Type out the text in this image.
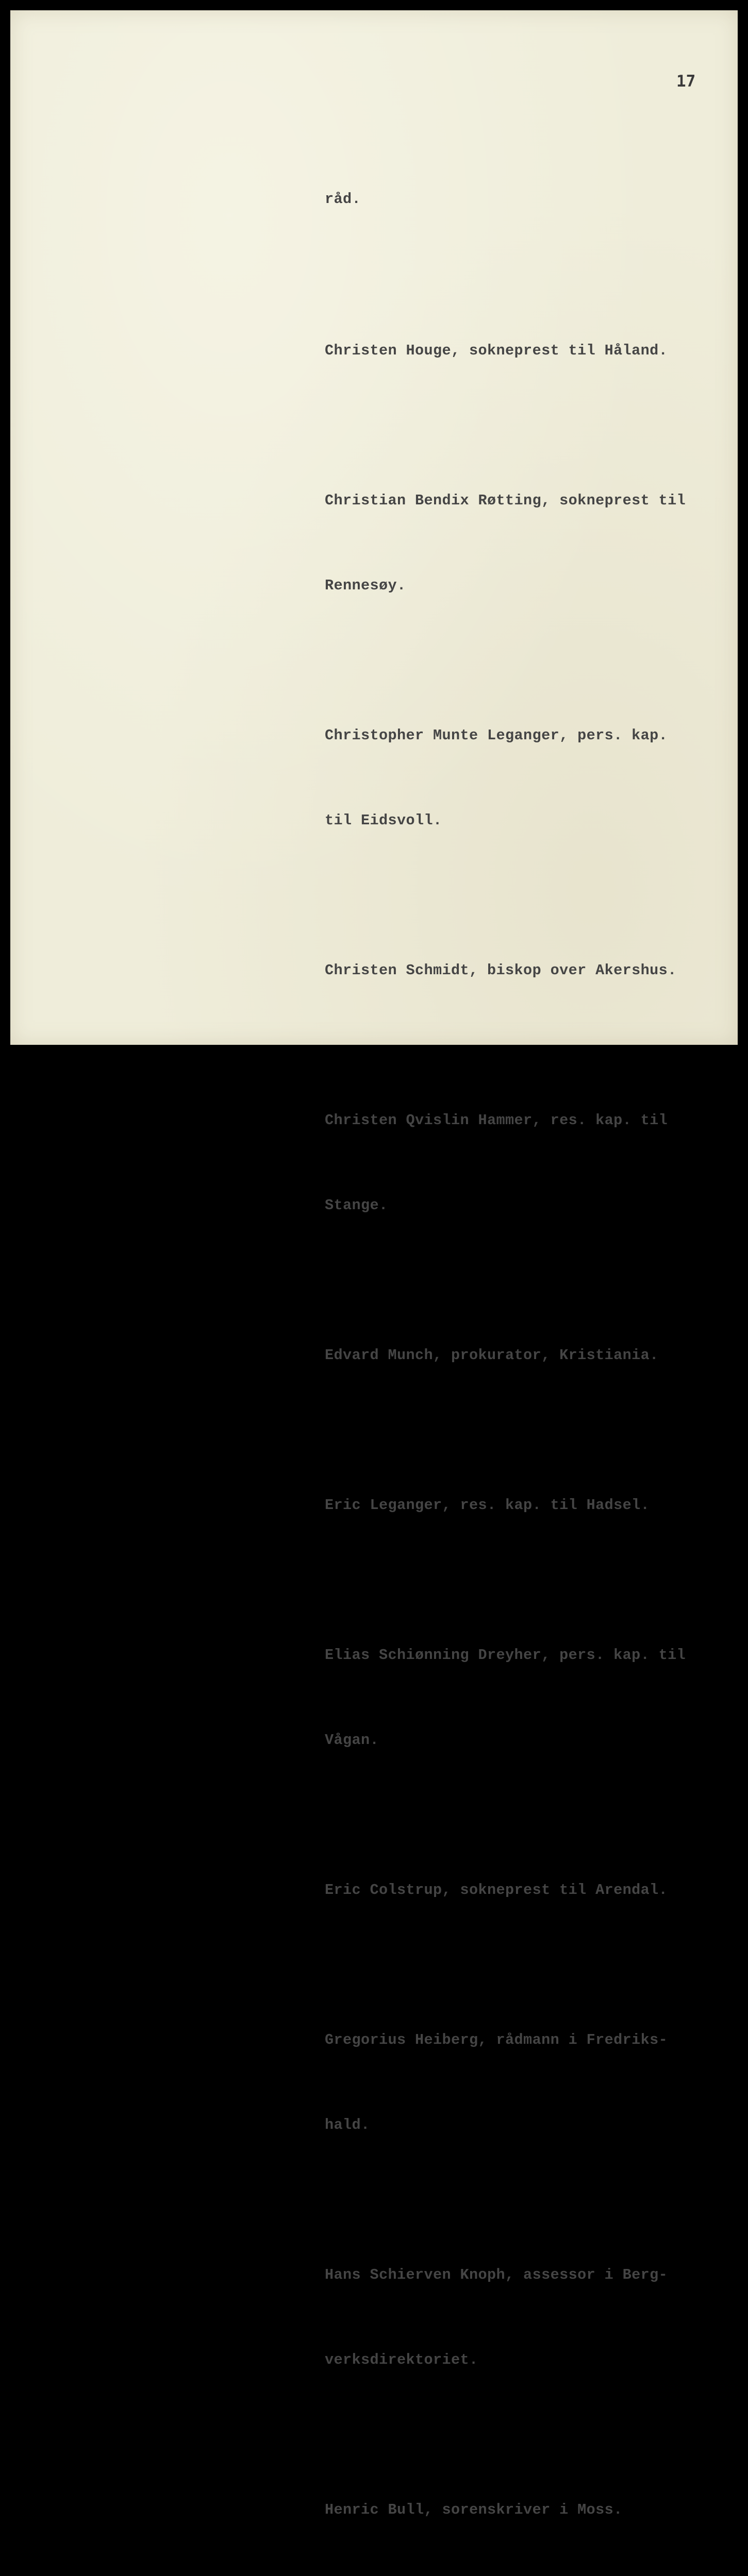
17

råd.

Christen Houge, sokneprest til Håland.

Christian Bendix Røtting, sokneprest til

Rennesøy.

Christopher Munte Leganger, pers. kap.

til Eidsvoll.

Christen Schmidt, biskop over Akershus.

Christen Qvislin Hammer, res. kap. til

Stange.

Edvard Munch, prokurator, Kristiania.

Eric Leganger, res. kap. til Hadsel.

Elias Schiønning Dreyher, pers. kap. til

Vågan.

Eric Colstrup, sokneprest til Arendal.

Gregorius Heiberg, rådmann i Fredriks-

hald.

Hans Schierven Knoph, assessor i Berg-

verksdirektoriet.

Henric Bull, sorenskriver i Moss.
